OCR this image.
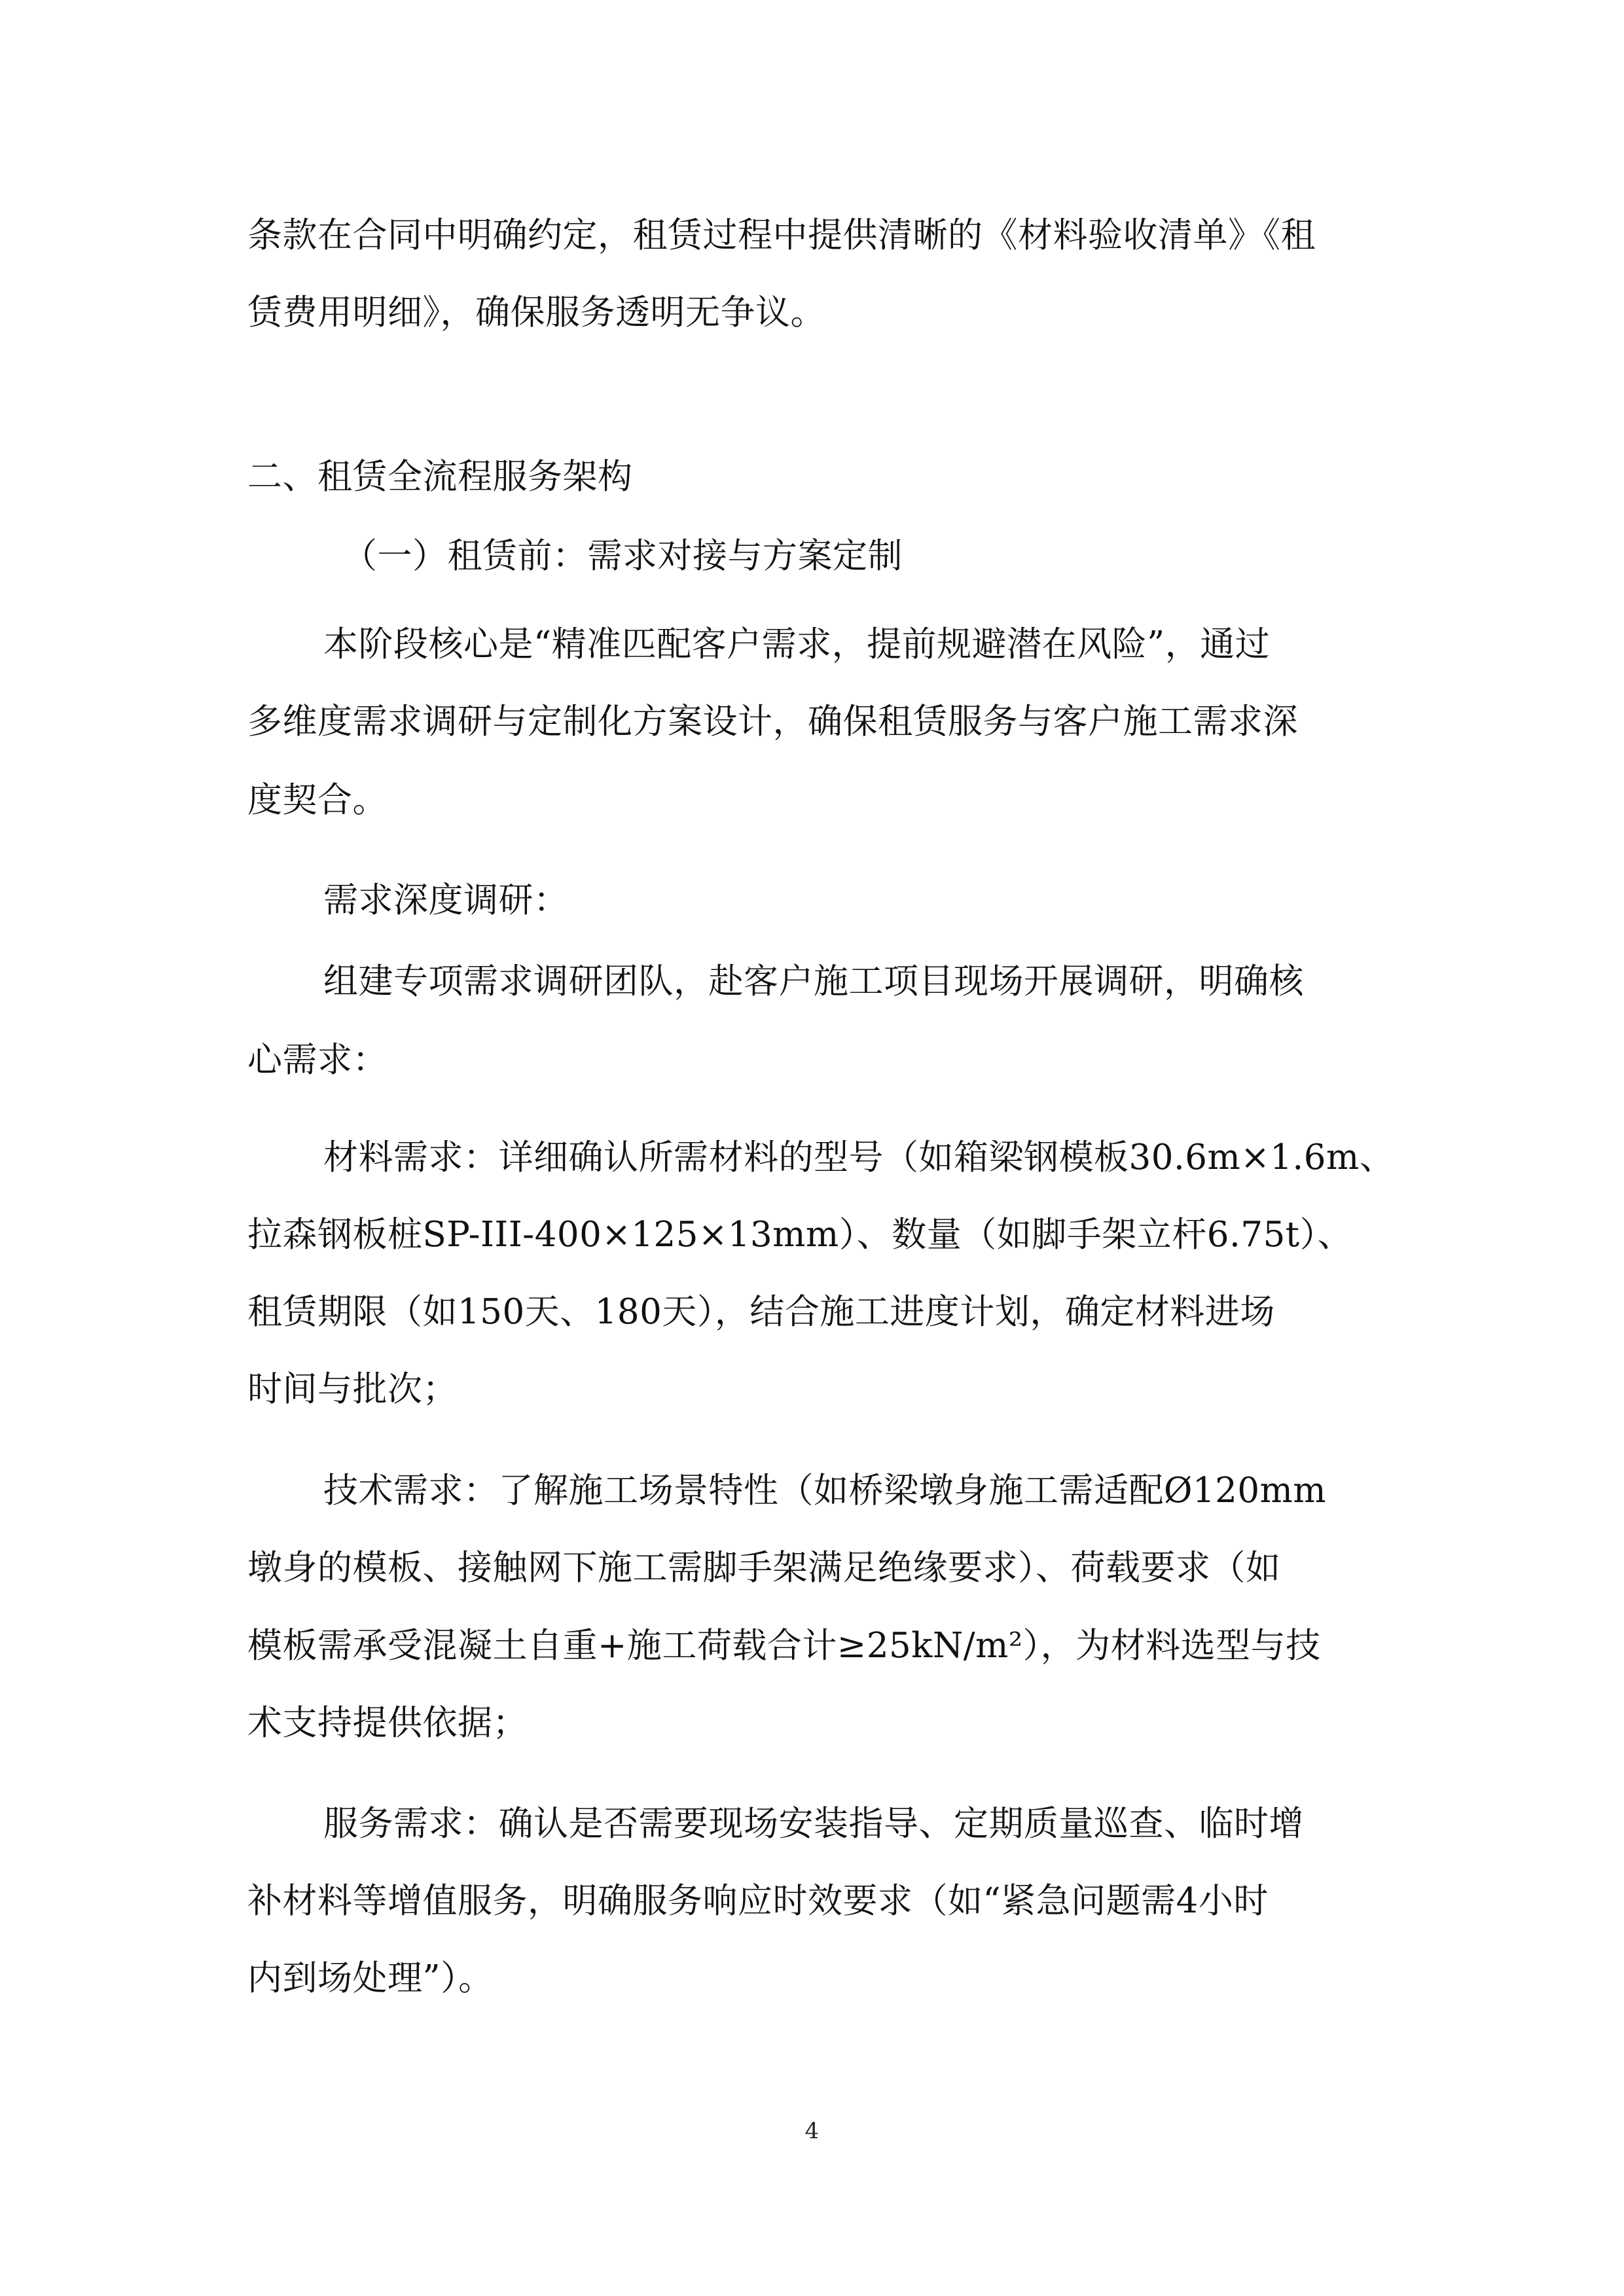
条款在合同中明确约定，租赁过程中提供清晰的《材料验收清单》《租
赁费用明细》，确保服务透明无争议。
二、租赁全流程服务架构
（一）租赁前：需求对接与方案定制
本阶段核心是“精准匹配客户需求，提前规避潜在风险”，通过
多维度需求调研与定制化方案设计，确保租赁服务与客户施工需求深
度契合。
需求深度调研：
组建专项需求调研团队，赴客户施工项目现场开展调研，明确核
心需求：
材料需求：详细确认所需材料的型号（如箱梁钢模板30.6m×1.6m、
拉森钢板桩SP-III-400×125×13mm）、数量（如脚手架立杆6.75t）、
租赁期限（如150天、180天），结合施工进度计划，确定材料进场
时间与批次；
技术需求：了解施工场景特性（如桥梁墩身施工需适配Ø120mm
墩身的模板、接触网下施工需脚手架满足绝缘要求）、荷载要求（如
模板需承受混凝土自重+施工荷载合计≥25kN/m²），为材料选型与技
术支持提供依据；
服务需求：确认是否需要现场安装指导、定期质量巡查、临时增
补材料等增值服务，明确服务响应时效要求（如“紧急问题需4小时
内到场处理”）。
4
